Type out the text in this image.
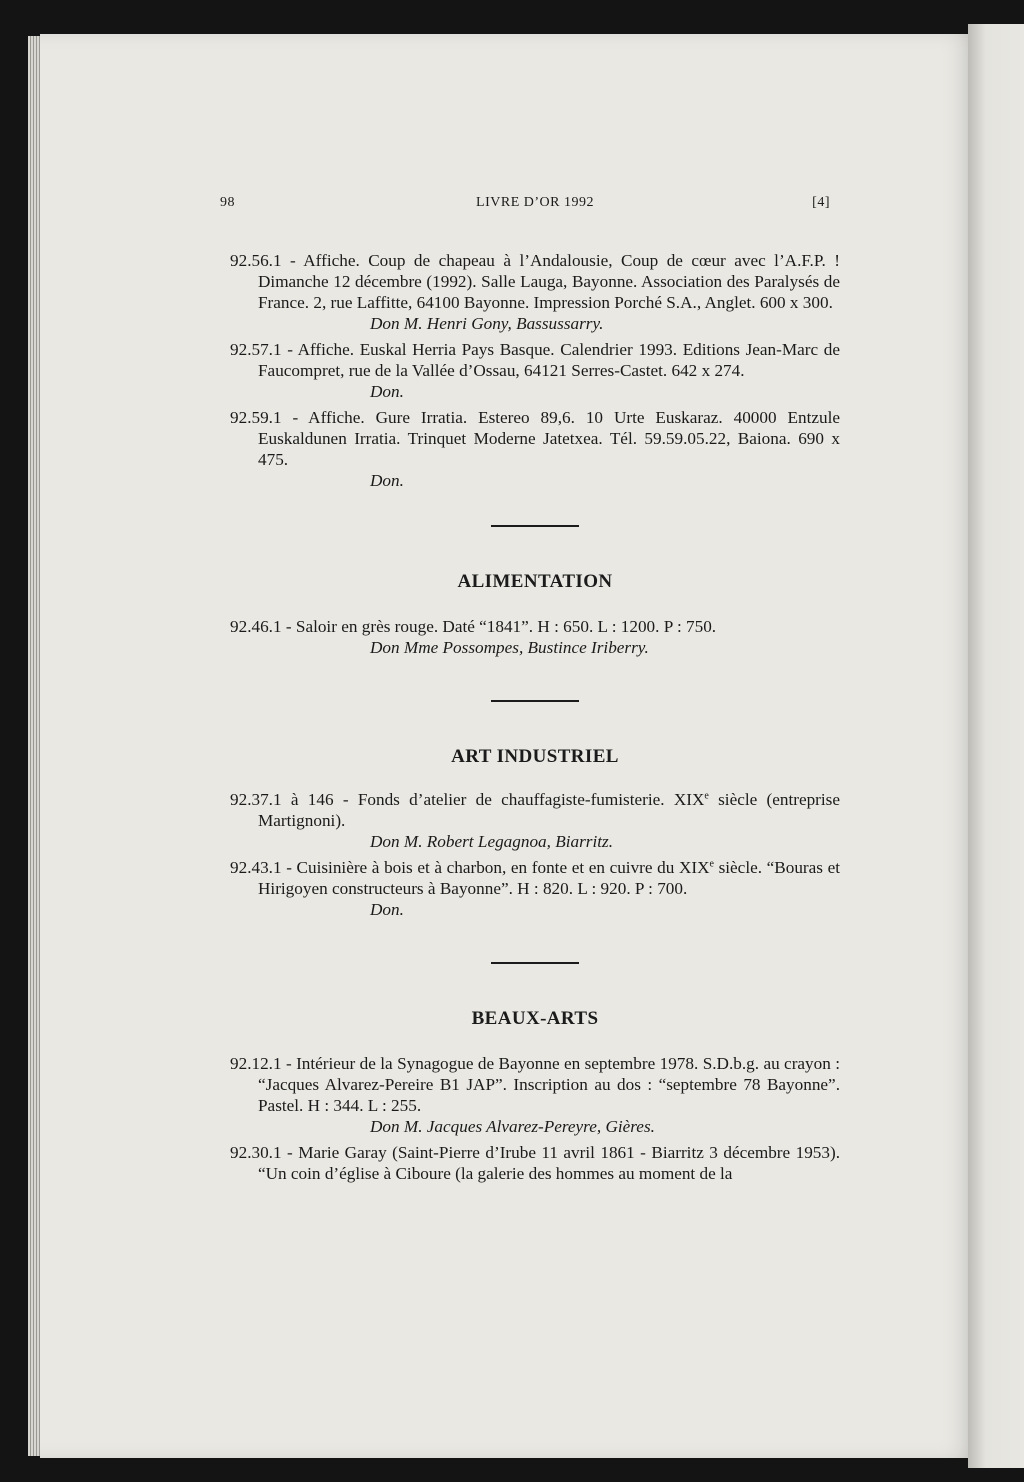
98	LIVRE D’OR 1992	[4]

92.56.1 - Affiche. Coup de chapeau à l’Andalousie, Coup de cœur avec l’A.F.P. ! Dimanche 12 décembre (1992). Salle Lauga, Bayonne. Association des Paralysés de France. 2, rue Laffitte, 64100 Bayonne. Impression Porché S.A., Anglet. 600 x 300.

Don M. Henri Gony, Bassussarry.

92.57.1 - Affiche. Euskal Herria Pays Basque. Calendrier 1993. Editions Jean-Marc de Faucompret, rue de la Vallée d’Ossau, 64121 Serres-Castet. 642 x 274.

Don.

92.59.1 - Affiche. Gure Irratia. Estereo 89,6. 10 Urte Euskaraz. 40000 Entzule Euskaldunen Irratia. Trinquet Moderne Jatetxea. Tél. 59.59.05.22, Baiona. 690 x 475.

Don.

ALIMENTATION

92.46.1 - Saloir en grès rouge. Daté “1841”. H : 650. L : 1200. P : 750.

Don Mme Possompes, Bustince Iriberry.

ART INDUSTRIEL

92.37.1 à 146 - Fonds d’atelier de chauffagiste-fumisterie. XIXe siècle (entreprise Martignoni).

Don M. Robert Legagnoa, Biarritz.

92.43.1 - Cuisinière à bois et à charbon, en fonte et en cuivre du XIXe siècle. “Bouras et Hirigoyen constructeurs à Bayonne”. H : 820. L : 920. P : 700.

Don.

BEAUX-ARTS

92.12.1 - Intérieur de la Synagogue de Bayonne en septembre 1978. S.D.b.g. au crayon : “Jacques Alvarez-Pereire B1 JAP”. Inscription au dos : “septembre 78 Bayonne”. Pastel. H : 344. L : 255.

Don M. Jacques Alvarez-Pereyre, Gières.

92.30.1 - Marie Garay (Saint-Pierre d’Irube 11 avril 1861 - Biarritz 3 décembre 1953). “Un coin d’église à Ciboure (la galerie des hommes au moment de la
